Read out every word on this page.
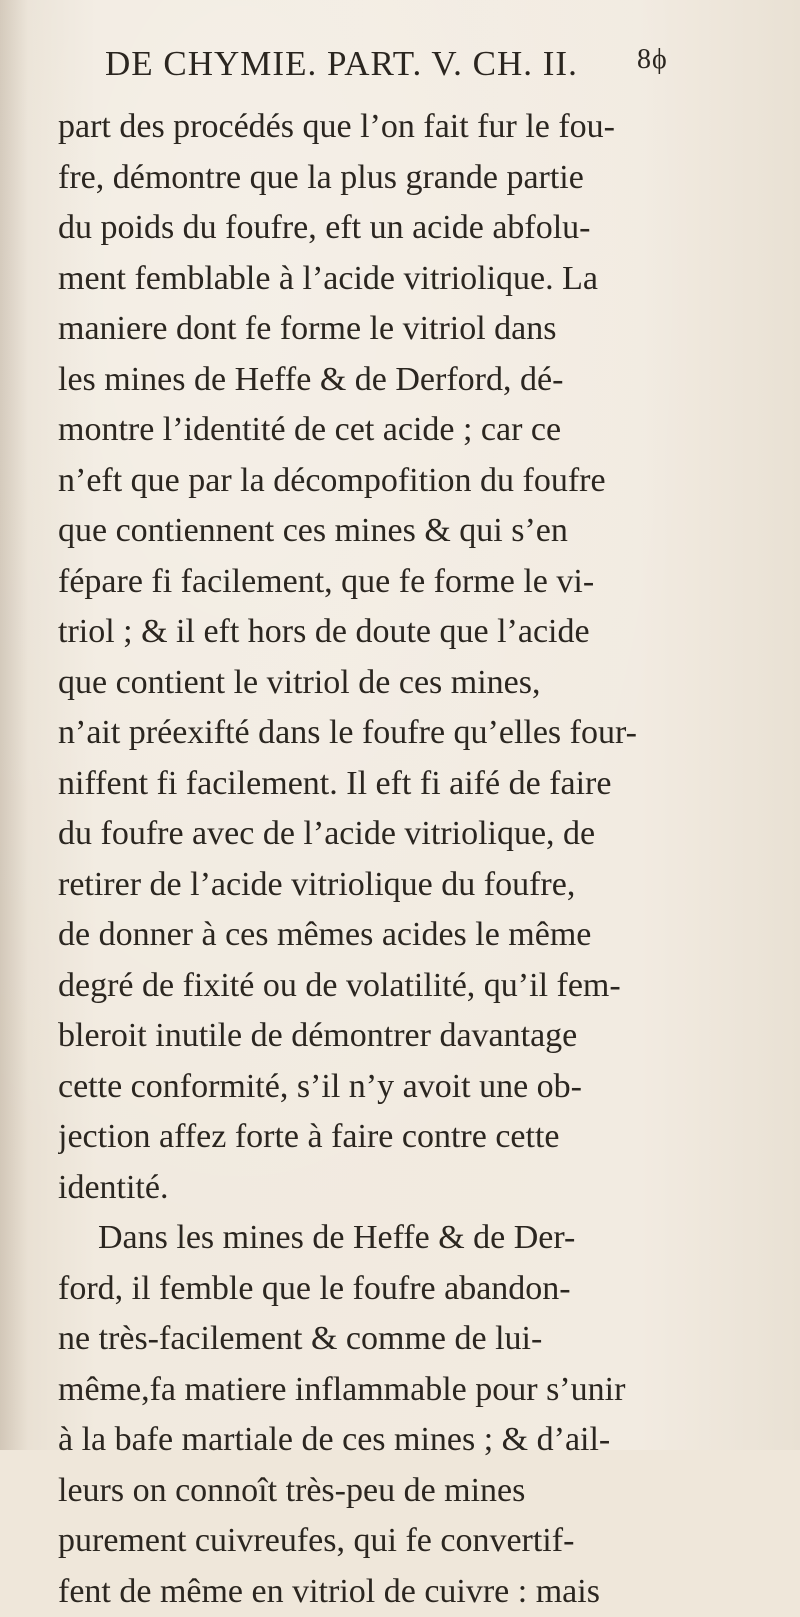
DE CHYMIE. PART. V. CH. II. 8ϕ
part des procédés que l’on fait fur le fou-
fre, démontre que la plus grande partie
du poids du foufre, eft un acide abfolu-
ment femblable à l’acide vitriolique. La
maniere dont fe forme le vitriol dans
les mines de Heffe & de Derford, dé-
montre l’identité de cet acide ; car ce
n’eft que par la décompofition du foufre
que contiennent ces mines & qui s’en
fépare fi facilement, que fe forme le vi-
triol ; & il eft hors de doute que l’acide
que contient le vitriol de ces mines,
n’ait préexifté dans le foufre qu’elles four-
niffent fi facilement. Il eft fi aifé de faire
du foufre avec de l’acide vitriolique, de
retirer de l’acide vitriolique du foufre,
de donner à ces mêmes acides le même
degré de fixité ou de volatilité, qu’il fem-
bleroit inutile de démontrer davantage
cette conformité, s’il n’y avoit une ob-
jection affez forte à faire contre cette
identité.
Dans les mines de Heffe & de Der-
ford, il femble que le foufre abandon-
ne très-facilement & comme de lui-
même,fa matiere inflammable pour s’unir
à la bafe martiale de ces mines ; & d’ail-
leurs on connoît très-peu de mines
purement cuivreufes, qui fe convertif-
fent de même en vitriol de cuivre : mais
